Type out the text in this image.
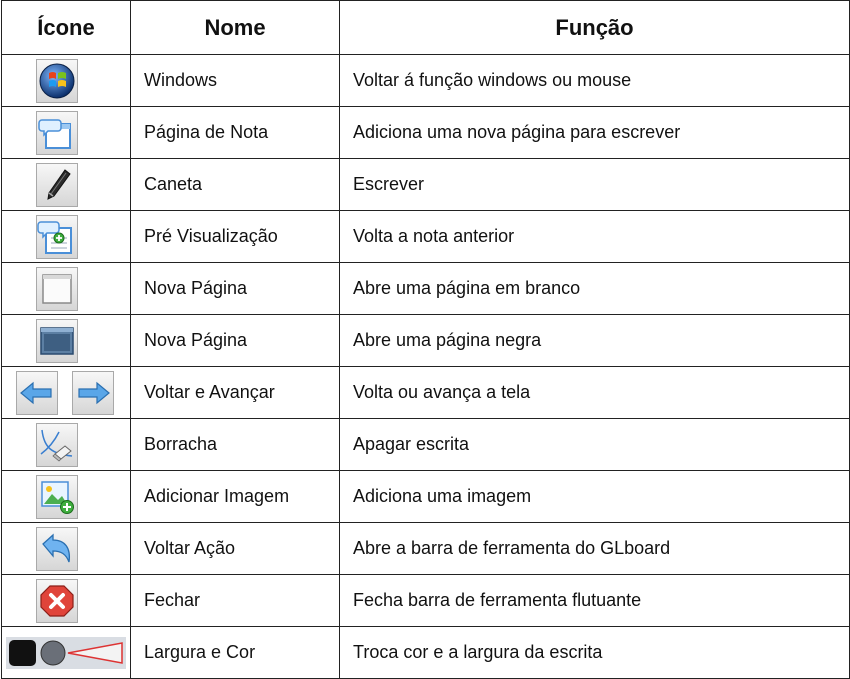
Ícone	Nome	Função

	Windows	Voltar á função windows ou mouse

	Página de Nota	Adiciona uma nova página para escrever

	Caneta	Escrever

	Pré Visualização	Volta a nota anterior

	Nova Página	Abre uma página em branco

	Nova Página	Abre uma página negra

	Voltar e Avançar	Volta ou avança a tela

	Borracha	Apagar escrita

	Adicionar Imagem	Adiciona uma imagem

	Voltar Ação	Abre a barra de ferramenta do GLboard

	Fechar	Fecha barra de ferramenta flutuante

	Largura e Cor	Troca cor e a largura da escrita
